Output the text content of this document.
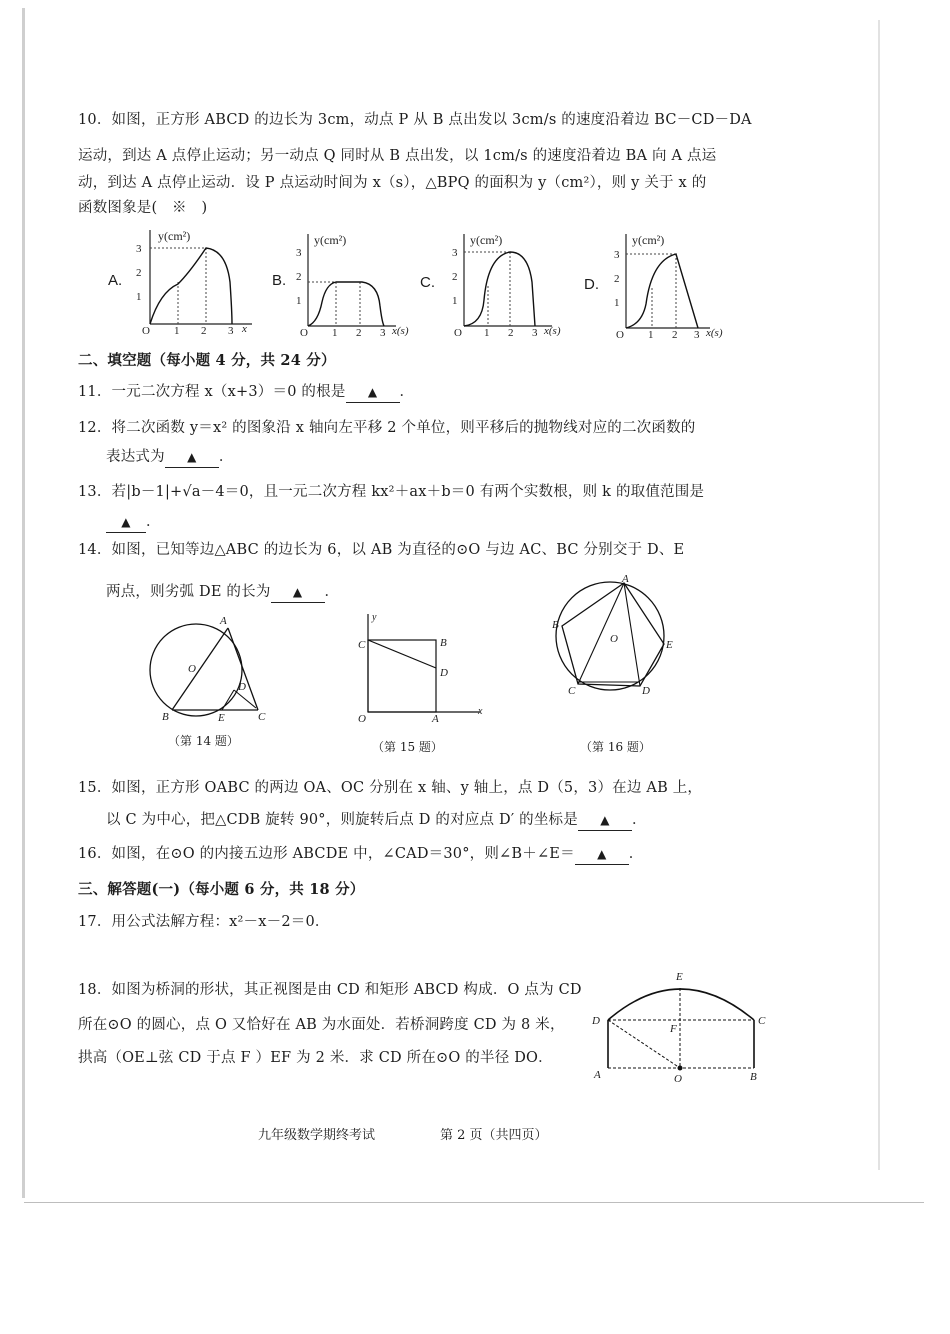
10．如图，正方形 ABCD 的边长为 3cm，动点 P 从 B 点出发以 3cm/s 的速度沿着边 BC－CD－DA
运动，到达 A 点停止运动；另一动点 Q 同时从 B 点出发，以 1cm/s 的速度沿着边 BA 向 A 点运
动，到达 A 点停止运动．设 P 点运动时间为 x（s），△BPQ 的面积为 y（cm²），则 y 关于 x 的
函数图象是(　※　)
A.	B.	C.	D.
y(cm²)
3
2
1
O 1 2 3 x
y(cm²)
3
2
1
O 1 2 3 x(s)
y(cm²)
3
2
1
O 1 2 3 x(s)
y(cm²)
3
2
1
O 1 2 3 x(s)
二、填空题（每小题 4 分，共 24 分）
11．一元二次方程 x（x+3）＝0 的根是 ▲ ．
12．将二次函数 y＝x² 的图象沿 x 轴向左平移 2 个单位，则平移后的抛物线对应的二次函数的
表达式为 ▲ ．
13．若|b－1|+√a－4＝0，且一元二次方程 kx²＋ax＋b＝0 有两个实数根，则 k 的取值范围是
▲ ．
14．如图，已知等边△ABC 的边长为 6，以 AB 为直径的⊙O 与边 AC、BC 分别交于 D、E
两点，则劣弧 DE 的长为 ▲ ．
A
O
D
B	E	C
（第 14 题）
y
C	B
D
O	A
x
（第 15 题）
A
B
O	E
C	D
（第 16 题）
15．如图，正方形 OABC 的两边 OA、OC 分别在 x 轴、y 轴上，点 D（5，3）在边 AB 上，
以 C 为中心，把△CDB 旋转 90°，则旋转后点 D 的对应点 D′ 的坐标是 ▲ ．
16．如图，在⊙O 的内接五边形 ABCDE 中，∠CAD＝30°，则∠B＋∠E＝ ▲ ．
三、解答题(一)（每小题 6 分，共 18 分）
17．用公式法解方程：x²－x－2＝0．
18．如图为桥洞的形状，其正视图是由 CD 和矩形 ABCD 构成．O 点为 CD
所在⊙O 的圆心，点 O 又恰好在 AB 为水面处．若桥洞跨度 CD 为 8 米，
拱高（OE⊥弦 CD 于点 F ）EF 为 2 米．求 CD 所在⊙O 的半径 DO．
E
D	C
F
A	O	B
九年级数学期终考试	第 2 页（共四页）
